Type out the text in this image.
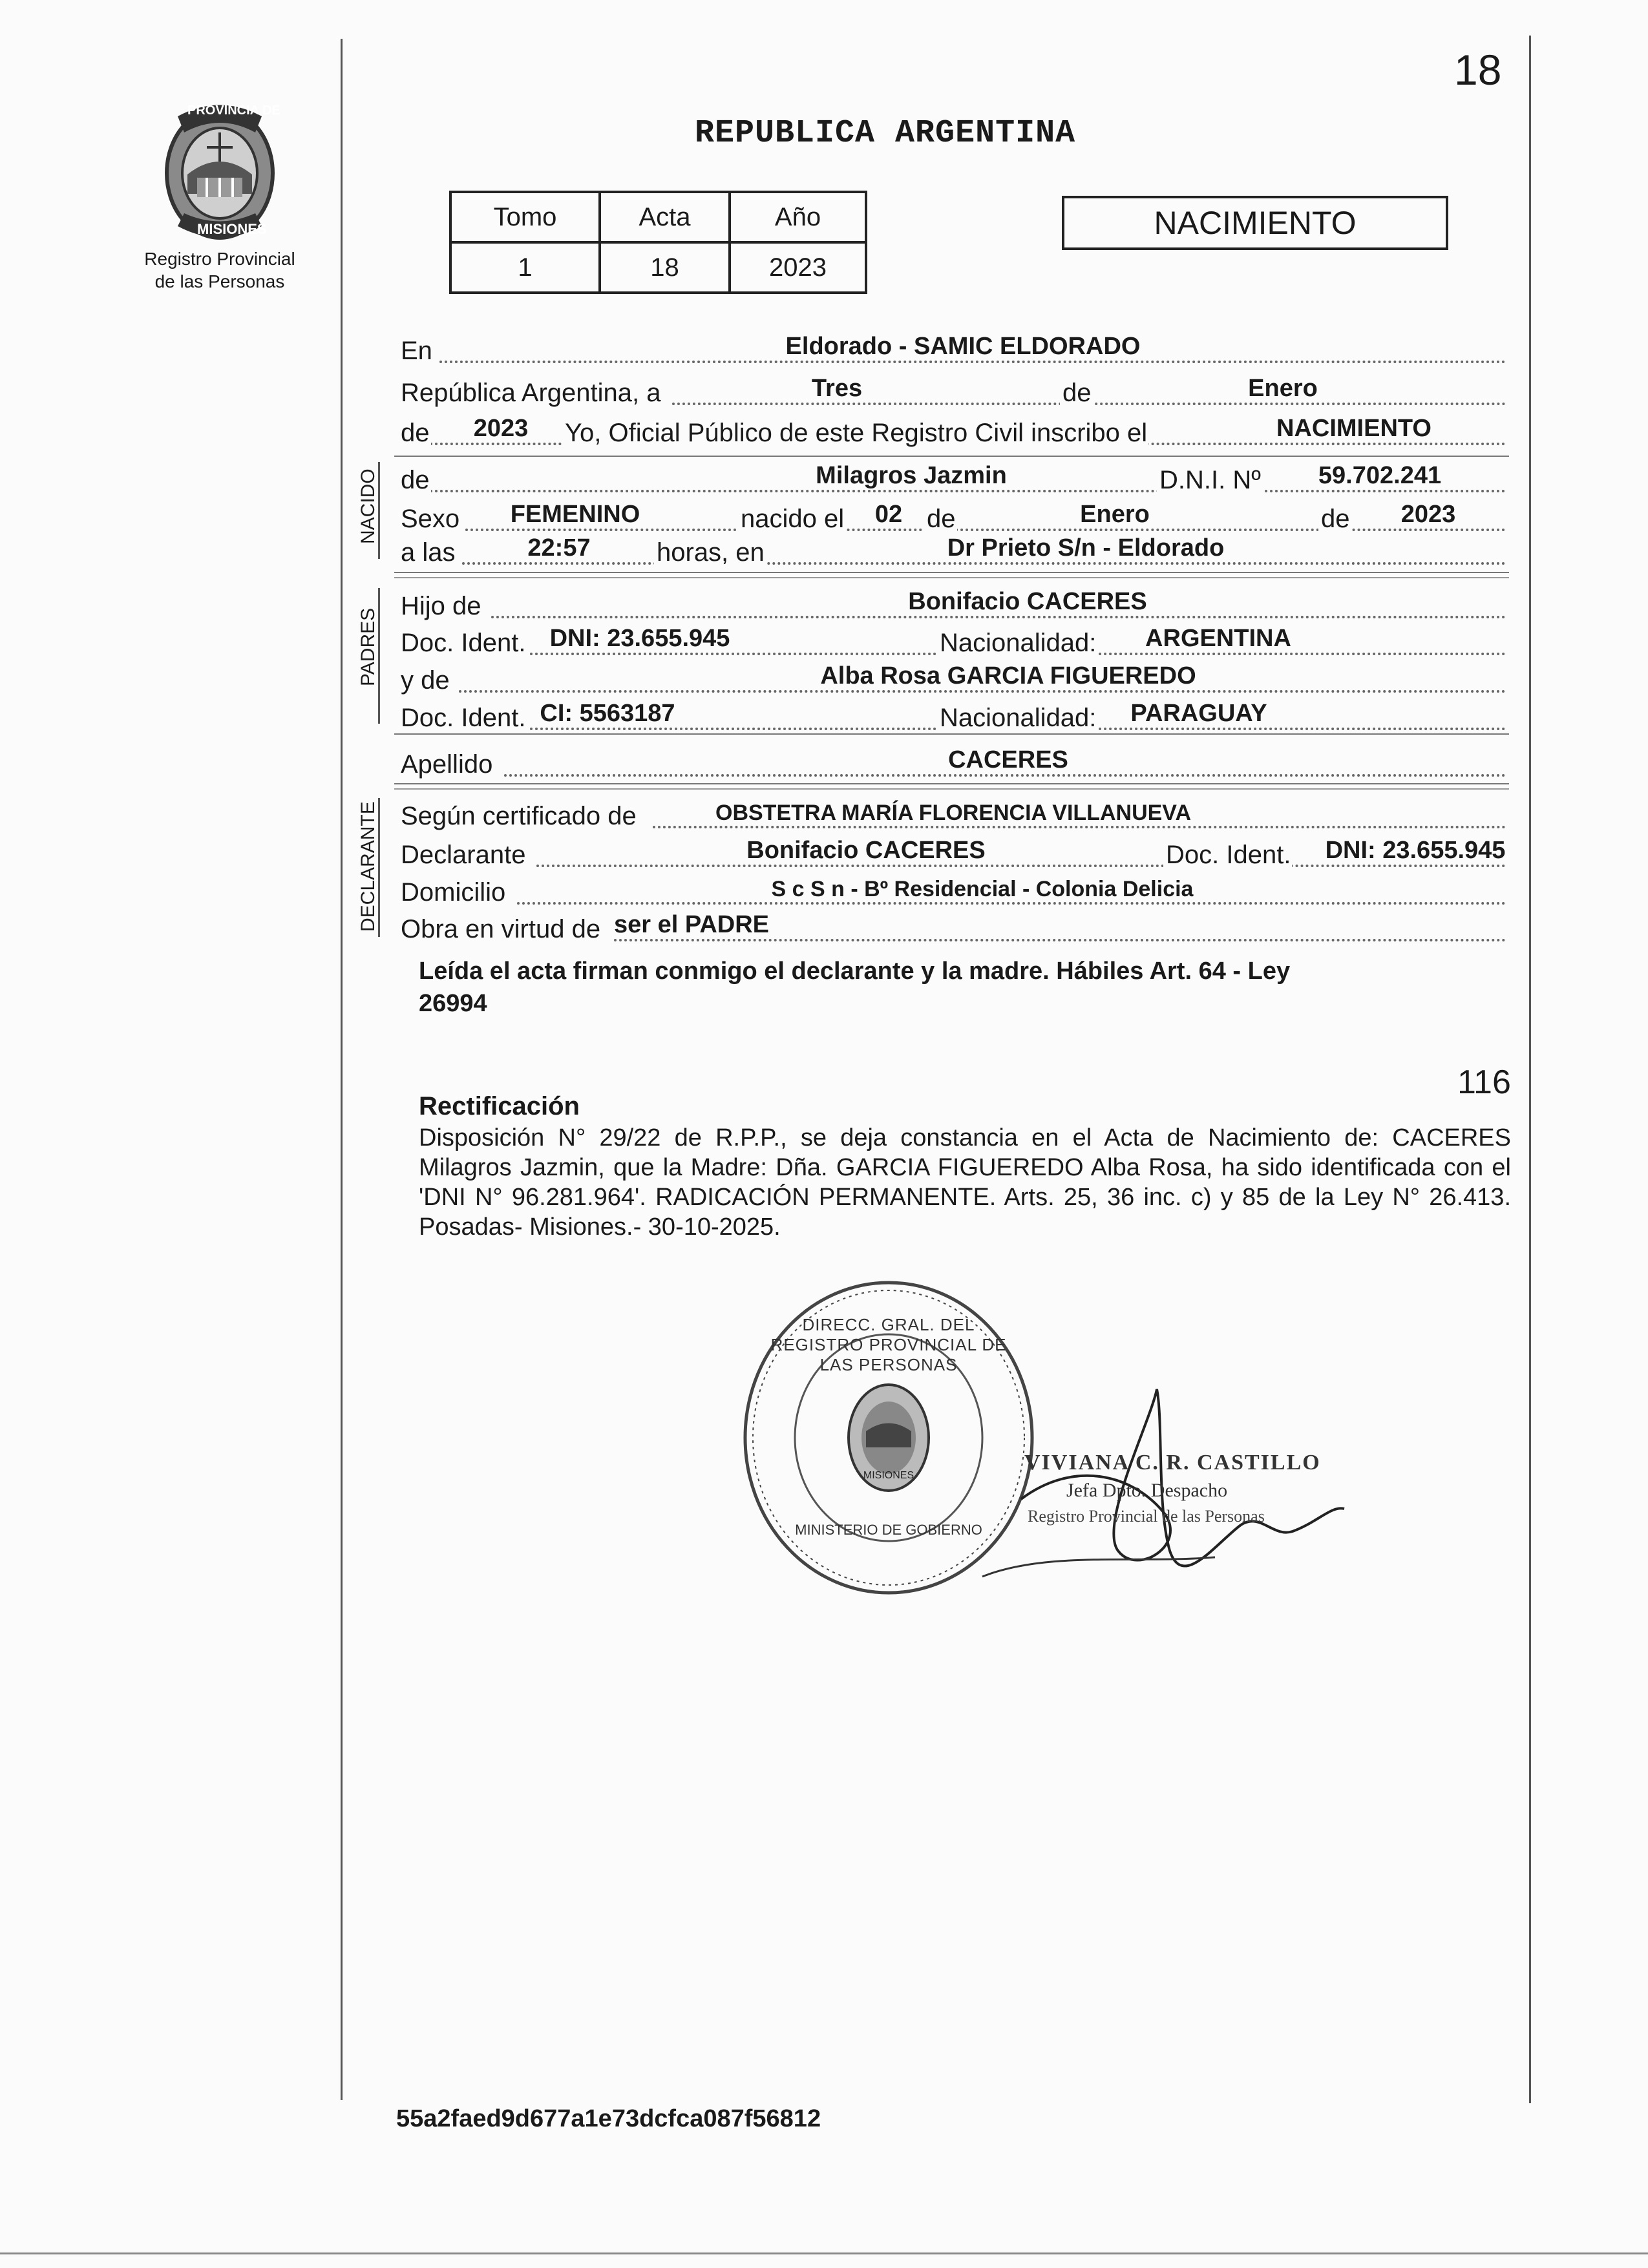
18
PROVINCIA DE
MISIONES
Registro Provincial
de las Personas
REPUBLICA ARGENTINA
Tomo	Acta	Año
1	18	2023
NACIMIENTO
En	Eldorado - SAMIC ELDORADO
República Argentina, a	Tres	de	Enero
de 2023 Yo, Oficial Público de este Registro Civil inscribo el	NACIMIENTO
NACIDO de	Milagros Jazmin	D.N.I. Nº 59.702.241
Sexo FEMENINO	nacido el 02 de	Enero	de 2023
a las	22:57	horas, en	Dr Prieto S/n - Eldorado
PADRES
Hijo de	Bonifacio CACERES
Doc. Ident. DNI: 23.655.945	Nacionalidad: ARGENTINA
y de	Alba Rosa GARCIA FIGUEREDO
Doc. Ident. CI: 5563187	Nacionalidad: PARAGUAY
Apellido	CACERES
DECLARANTE Según certificado de	OBSTETRA MARÍA FLORENCIA VILLANUEVA
Declarante	Bonifacio CACERES	Doc. Ident. DNI: 23.655.945
Domicilio	S c S n - Bº Residencial - Colonia Delicia
Obra en virtud de ser el PADRE
Leída el acta firman conmigo el declarante y la madre. Hábiles Art. 64 - Ley
26994
116
Rectificación
Disposición N° 29/22 de R.P.P., se deja constancia en el Acta de Nacimiento de: CACERES Milagros Jazmin, que la Madre: Dña. GARCIA FIGUEREDO Alba Rosa, ha sido identificada con el 'DNI N° 96.281.964'. RADICACIÓN PERMANENTE. Arts. 25, 36 inc. c) y 85 de la Ley N° 26.413. Posadas- Misiones.- 30-10-2025.
DIRECC. GRAL. DEL REGISTRO PROVINCIAL DE LAS PERSONAS
MINISTERIO DE GOBIERNO
MISIONES
VIVIANA C. R. CASTILLO
Jefa Dpto. Despacho
Registro Provincial de las Personas
55a2faed9d677a1e73dcfca087f56812
